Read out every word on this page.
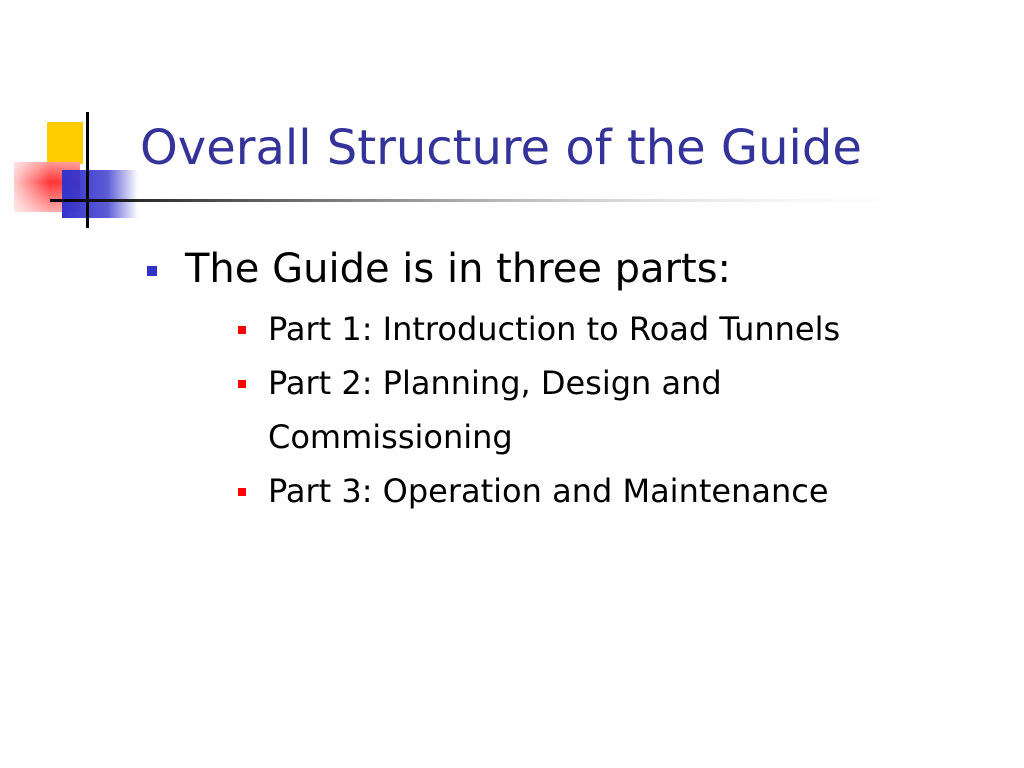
Overall Structure of the Guide
The Guide is in three parts:
Part 1: Introduction to Road Tunnels
Part 2: Planning, Design and Commissioning
Part 3: Operation and Maintenance
